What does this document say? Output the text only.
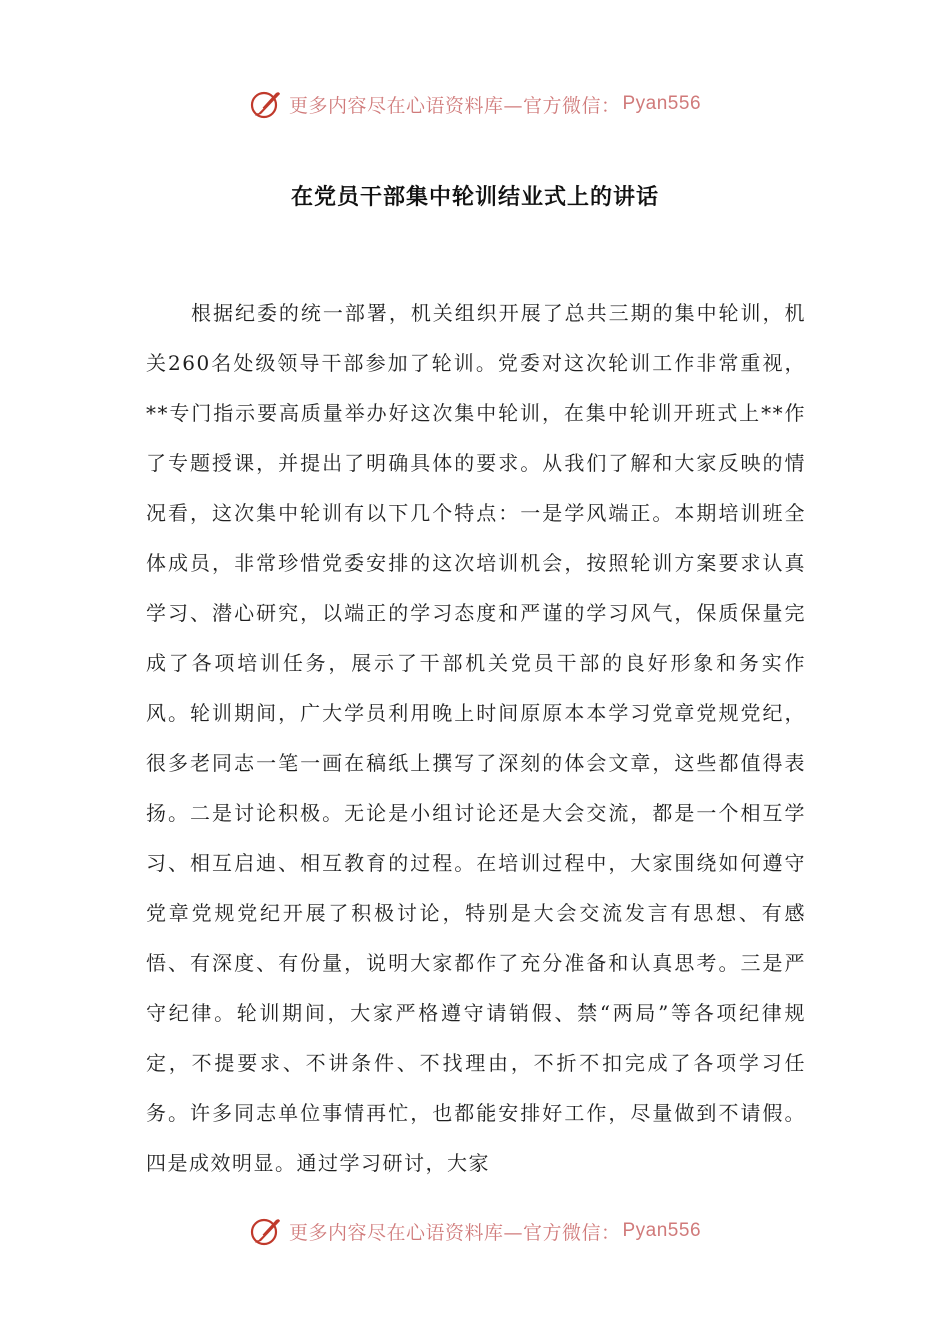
更多内容尽在心语资料库—官方微信： Pyan556
在党员干部集中轮训结业式上的讲话

根据纪委的统一部署，机关组织开展了总共三期的集中轮训，机关260名处级领导干部参加了轮训。党委对这次轮训工作非常重视，**专门指示要高质量举办好这次集中轮训，在集中轮训开班式上**作了专题授课，并提出了明确具体的要求。从我们了解和大家反映的情况看，这次集中轮训有以下几个特点：一是学风端正。本期培训班全体成员，非常珍惜党委安排的这次培训机会，按照轮训方案要求认真学习、潜心研究，以端正的学习态度和严谨的学习风气，保质保量完成了各项培训任务，展示了干部机关党员干部的良好形象和务实作风。轮训期间，广大学员利用晚上时间原原本本学习党章党规党纪，很多老同志一笔一画在稿纸上撰写了深刻的体会文章，这些都值得表扬。二是讨论积极。无论是小组讨论还是大会交流，都是一个相互学习、相互启迪、相互教育的过程。在培训过程中，大家围绕如何遵守党章党规党纪开展了积极讨论，特别是大会交流发言有思想、有感悟、有深度、有份量，说明大家都作了充分准备和认真思考。三是严守纪律。轮训期间，大家严格遵守请销假、禁“两局”等各项纪律规定，不提要求、不讲条件、不找理由，不折不扣完成了各项学习任务。许多同志单位事情再忙，也都能安排好工作，尽量做到不请假。四是成效明显。通过学习研讨，大家

更多内容尽在心语资料库—官方微信： Pyan556
